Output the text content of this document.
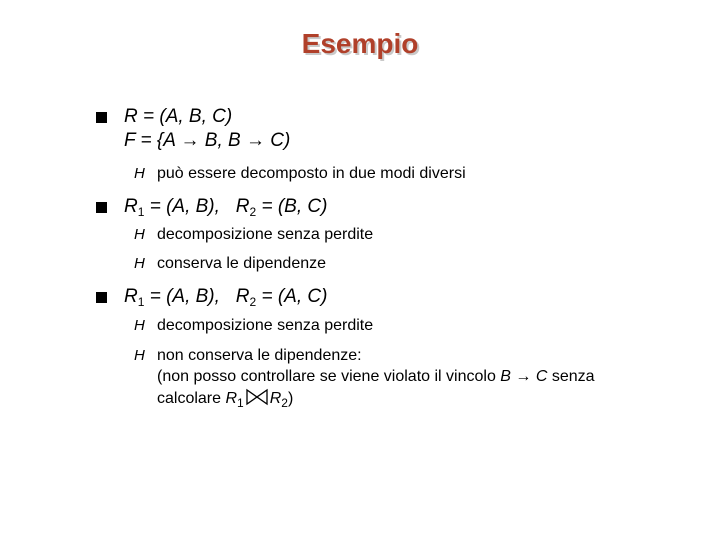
Esempio
R = (A, B, C)
F = {A → B, B → C)
H può essere decomposto in due modi diversi
$R_1 = (A$, B), $R_2 = (B$, C)
H decomposizione senza perdite
H conserva le dipendenze
$R_1 = (A$, B), $R_2 = (A$, C)
H decomposizione senza perdite
H non conserva le dipendenze:
(non posso controllare se viene violato il vincolo B → C senza
calcolare $R_1$ $R_2$)
